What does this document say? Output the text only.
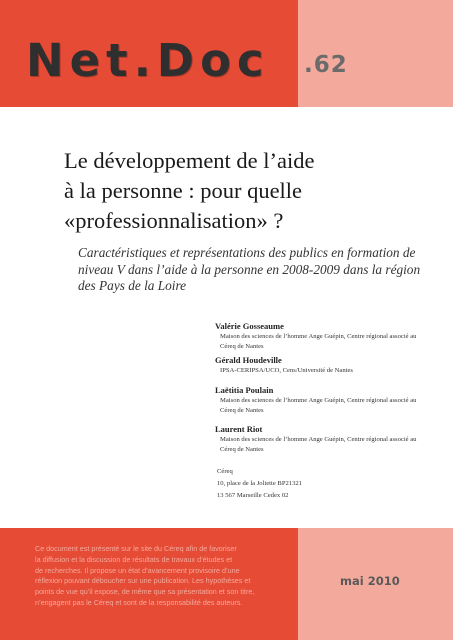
Net.Doc .62
Le développement de l’aide
à la personne : pour quelle
«professionnalisation» ?
Caractéristiques et représentations des publics en formation de
niveau V dans l’aide à la personne en 2008-2009 dans la région
des Pays de la Loire
Valérie Gosseaume
Maison des sciences de l’homme Ange Guépin, Centre régional associé au
Céreq de Nantes
Gérald Houdeville
IPSA-CERIPSA/UCO, Cens/Université de Nantes
Laëtitia Poulain
Maison des sciences de l’homme Ange Guépin, Centre régional associé au
Céreq de Nantes
Laurent Riot
Maison des sciences de l’homme Ange Guépin, Centre régional associé au
Céreq de Nantes
Céreq
10, place de la Joliette BP21321
13 567 Marseille Cedex 02
Ce document est présenté sur le site du Céreq afin de favoriser
la diffusion et la discussion de résultats de travaux d’études et
de recherches. Il propose un état d’avancement provisoire d’une
réflexion pouvant déboucher sur une publication. Les hypothèses et
points de vue qu’il expose, de même que sa présentation et son titre,
n’engagent pas le Céreq et sont de la responsabilité des auteurs.
mai 2010
